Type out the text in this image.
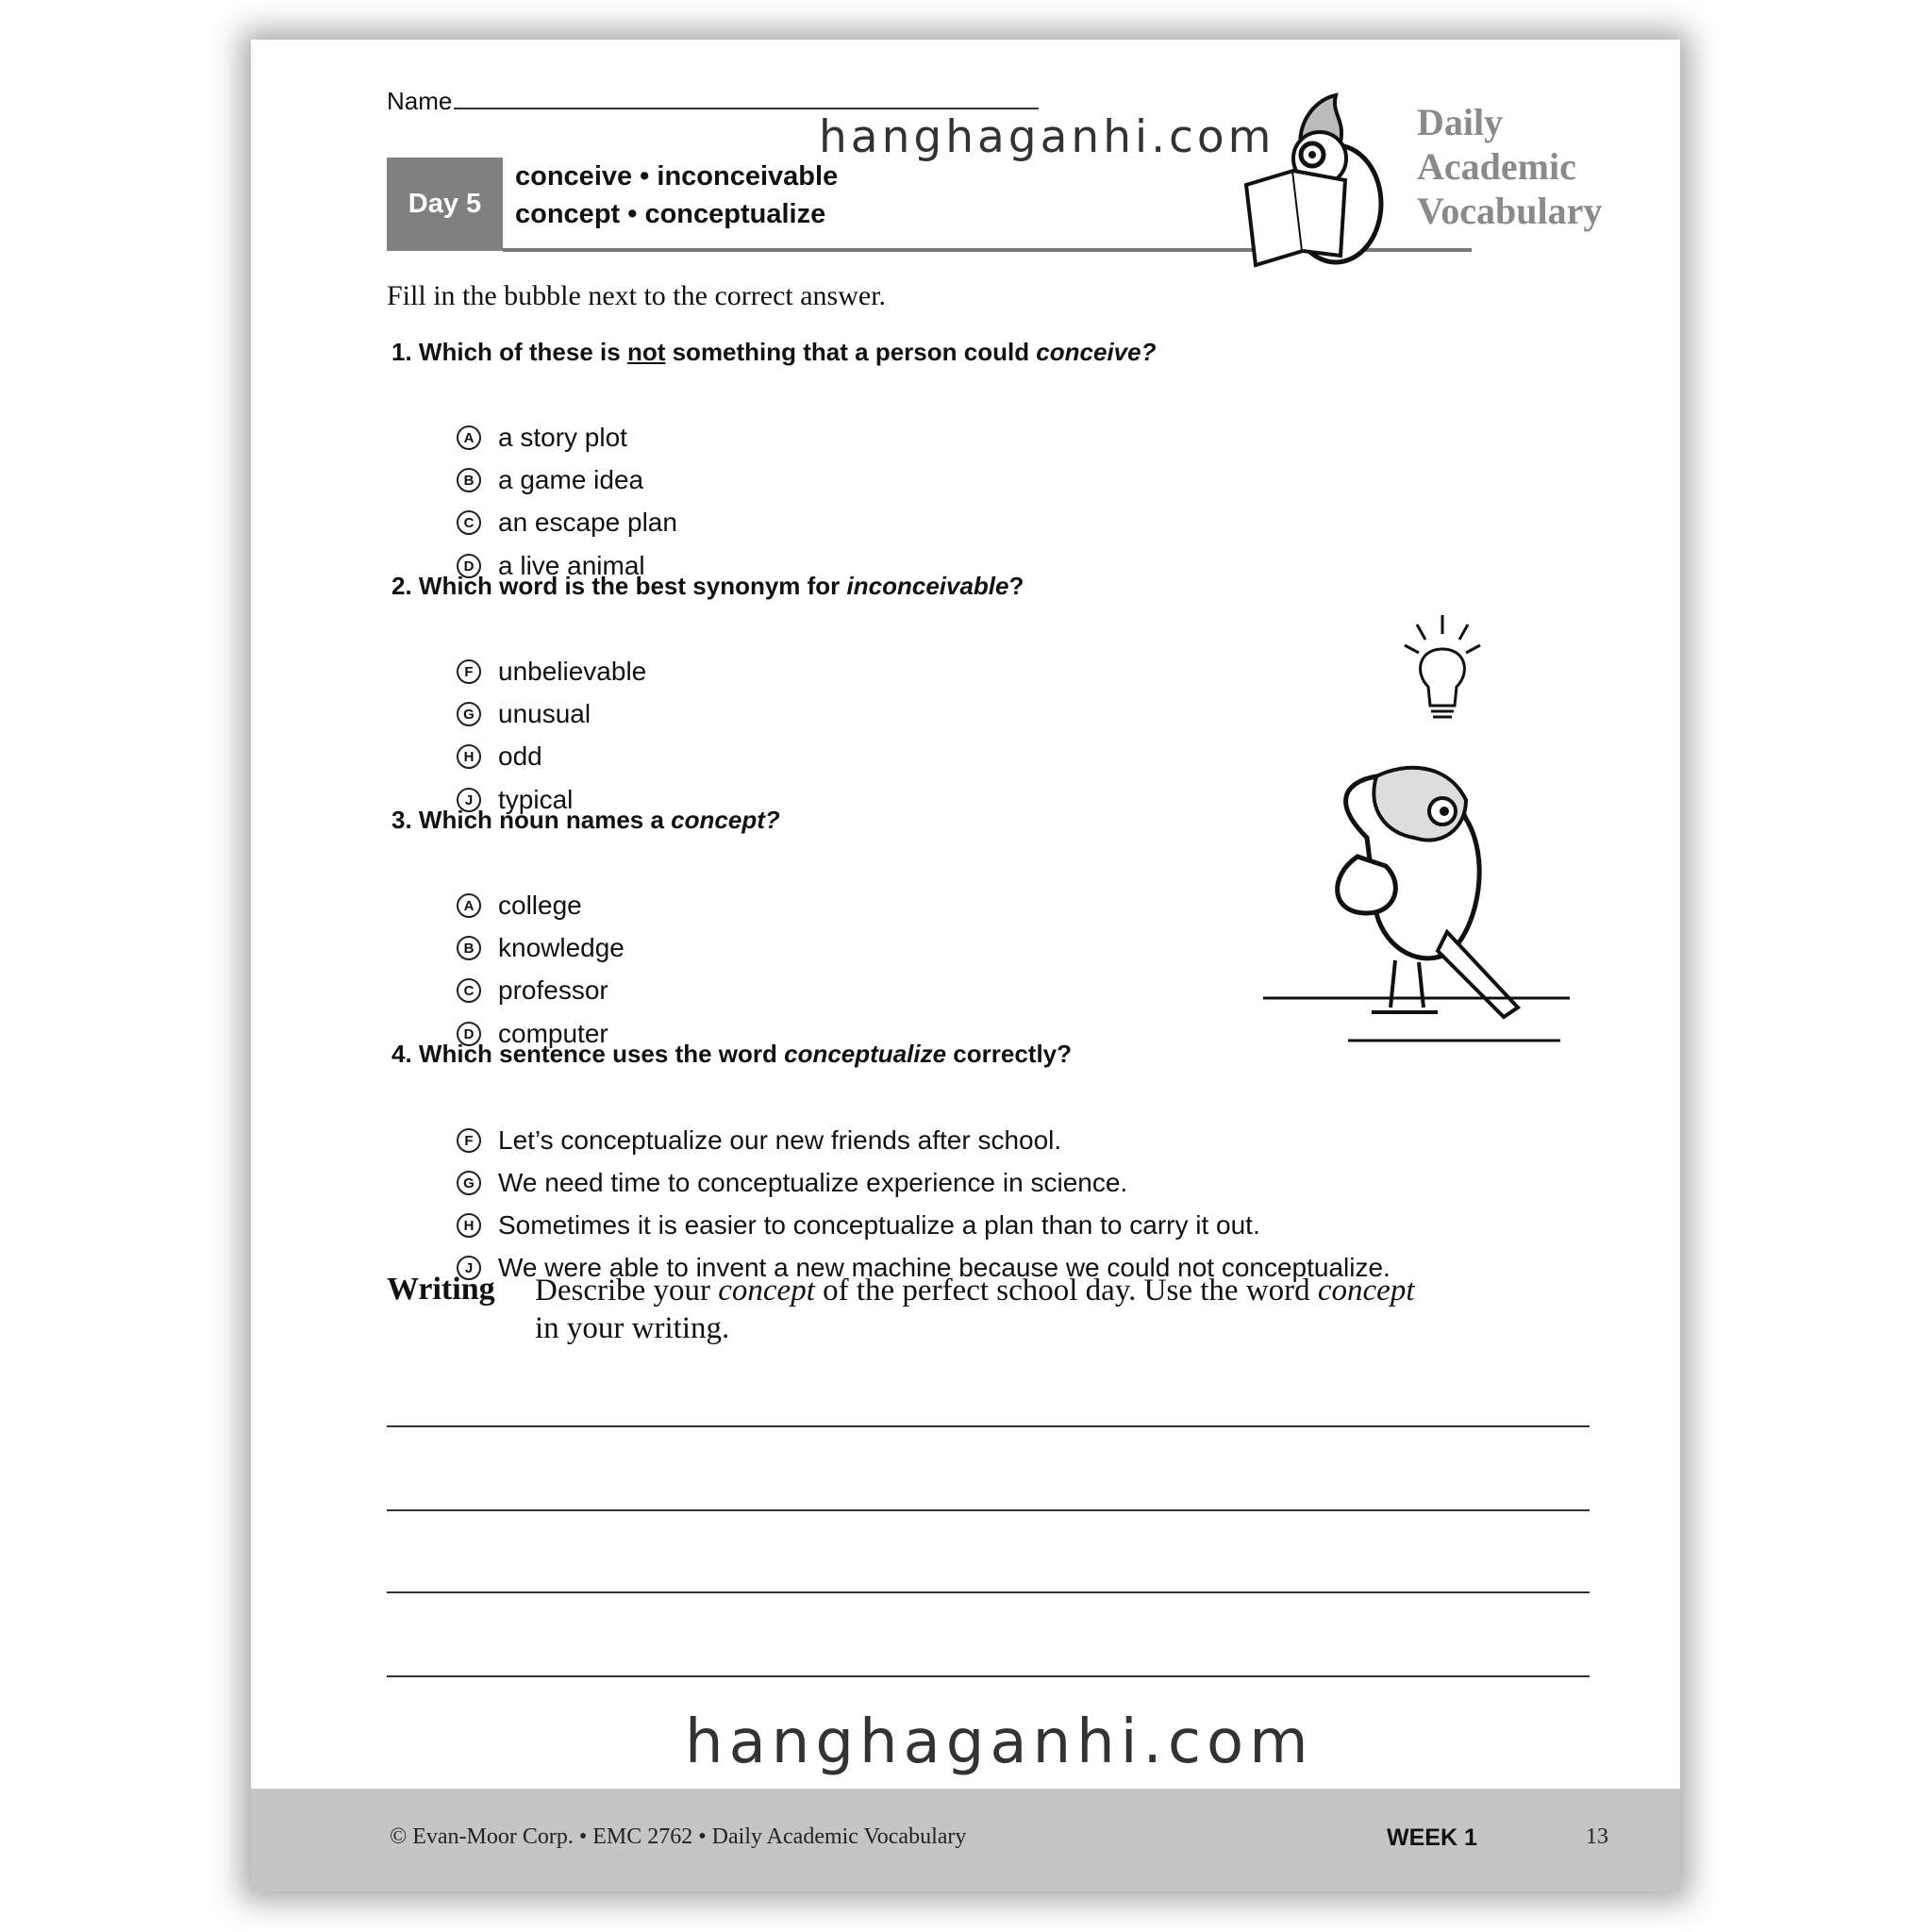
Name
hanghaganhi.com
Day 5
conceive • inconceivable
concept • conceptualize
Daily
Academic
Vocabulary
Fill in the bubble next to the correct answer.
1. Which of these is not something that a person could conceive?
A a story plot
B a game idea
C an escape plan
D a live animal
2. Which word is the best synonym for inconceivable?
F unbelievable
G unusual
H odd
J typical
3. Which noun names a concept?
A college
B knowledge
C professor
D computer
4. Which sentence uses the word conceptualize correctly?
F Let’s conceptualize our new friends after school.
G We need time to conceptualize experience in science.
H Sometimes it is easier to conceptualize a plan than to carry it out.
J We were able to invent a new machine because we could not conceptualize.
Writing Describe your concept of the perfect school day. Use the word concept
in your writing.
hanghaganhi.com
© Evan-Moor Corp. • EMC 2762 • Daily Academic Vocabulary	WEEK 1	13
